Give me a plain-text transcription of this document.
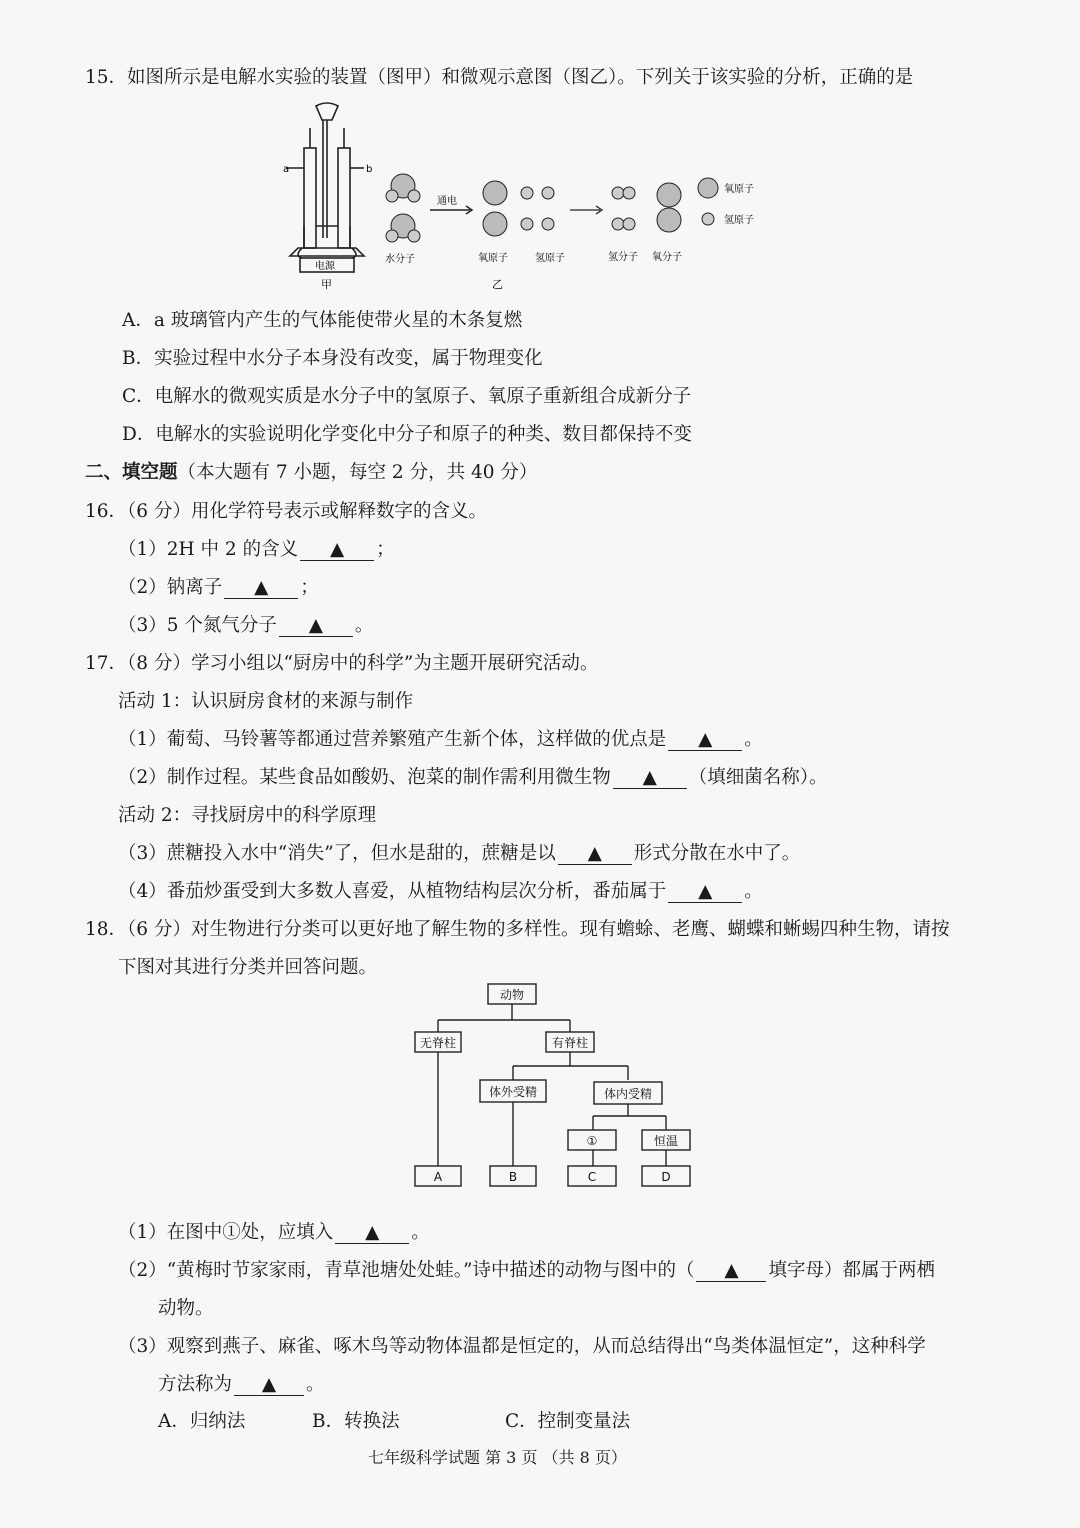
15．如图所示是电解水实验的装置（图甲）和微观示意图（图乙）。下列关于该实验的分析，正确的是
a	b
电源
甲
水分子
通电
氧原子	氢原子
乙
氢分子 氧分子
氧原子
氢原子
A．a 玻璃管内产生的气体能使带火星的木条复燃
B．实验过程中水分子本身没有改变，属于物理变化
C．电解水的微观实质是水分子中的氢原子、氧原子重新组合成新分子
D．电解水的实验说明化学变化中分子和原子的种类、数目都保持不变
二、填空题（本大题有 7 小题，每空 2 分，共 40 分）
16．（6 分）用化学符号表示或解释数字的含义。
（1）2H 中 2 的含义 ▲ ；
（2）钠离子 ▲ ；
（3）5 个氮气分子 ▲ 。
17．（8 分）学习小组以“厨房中的科学”为主题开展研究活动。
活动 1：认识厨房食材的来源与制作
（1）葡萄、马铃薯等都通过营养繁殖产生新个体，这样做的优点是 ▲ 。
（2）制作过程。某些食品如酸奶、泡菜的制作需利用微生物 ▲ （填细菌名称）。
活动 2：寻找厨房中的科学原理
（3）蔗糖投入水中“消失”了，但水是甜的，蔗糖是以 ▲ 形式分散在水中了。
（4）番茄炒蛋受到大多数人喜爱，从植物结构层次分析，番茄属于 ▲ 。
18．（6 分）对生物进行分类可以更好地了解生物的多样性。现有蟾蜍、老鹰、蝴蝶和蜥蜴四种生物，请按
下图对其进行分类并回答问题。
动物
无脊柱	有脊柱
体外受精	体内受精
①	恒温
A	B	C	D
（1）在图中①处，应填入 ▲ 。
（2）“黄梅时节家家雨，青草池塘处处蛙。”诗中描述的动物与图中的（ ▲ 填字母）都属于两栖
动物。
（3）观察到燕子、麻雀、啄木鸟等动物体温都是恒定的，从而总结得出“鸟类体温恒定”，这种科学
方法称为 ▲ 。
A．归纳法	B．转换法	C．控制变量法
七年级科学试题 第 3 页 （共 8 页）
